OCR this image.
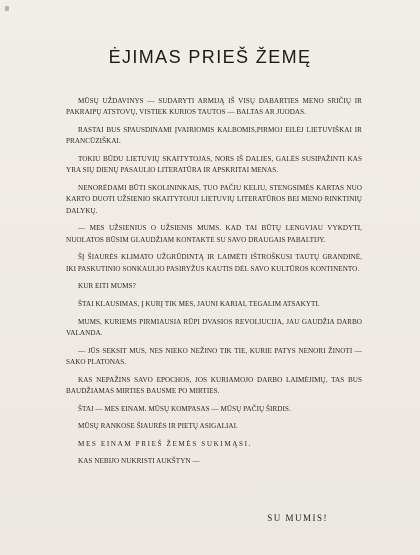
ĖJIMAS PRIEŠ ŽEMĘ

MŪSŲ UŽDAVINYS — SUDARYTI ARMIJĄ IŠ VISŲ DABARTIES MENO SRIČIŲ IR PAKRAIPŲ ATSTOVŲ, VISTIEK KURIOS TAUTOS — BALTAS AR JUODAS.

RASTAI BUS SPAUSDINAMI ĮVAIRIOMIS KALBOMIS,PIRMOJ EILĖJ LIETUVIŠKAI IR PRANCŪZIŠKAI.

TOKIU BŪDU LIETUVIŲ SKAITYTOJAS, NORS IŠ DALIES, GALĖS SUSIPAŽINTI KAS YRA SIŲ DIENŲ PASAULIO LITERATŪRA IR APSKRITAI MENAS.

NENORĖDAMI BŪTI SKOLININKAIS, TUO PAČIU KELIU, STENGSIMĖS KARTAS NUO KARTO DUOTI UŽSIENIO SKAITYTOJUI LIETUVIŲ LITERATŪROS BEI MENO RINKTINIŲ DALYKŲ.

— MES UŽSIENIUS O UŽSIENIS MUMS. KAD TAI BŪTŲ LENGVIAU VYKDYTI, NUOLATOS BŪSIM GLAUDŽIAM KONTAKTE SU SAVO DRAUGAIS PABALTIJY.

ŠĮ ŠIAURĖS KLIMATO UŽGRŪDINTĄ IR LAIMĖTI IŠTROŠKUSI TAUTŲ GRANDINĖ, IKI PASKUTINIO SONKAULIO PASIRYŽUS KAUTIS DĖL SAVO KULTŪROS KONTINENTO.

KUR EITI MUMS?

ŠTAI KLAUSIMAS, Į KURĮ TIK MES, JAUNI KARIAI, TEGALIM ATSAKYTI.

MUMS, KURIEMS PIRMIAUSIA RŪPI DVASIOS REVOLIUCIJA, JAU GAUDŽIA DARBO VALANDA.

— JŪS SEKSIT MUS, NES NIEKO NEŽINO TIK TIE, KURIE PATYS NENORI ŽINOTI — SAKO PLATONAS.

KAS NEPAŽINS SAVO EPOCHOS, JOS KURIAMOJO DARBO LAIMĖJIMŲ, TAS BUS BAUDŽIAMAS MIRTIES BAUSME PO MIRTIES.

ŠTAI — MES EINAM. MŪSŲ KOMPASAS — MŪSŲ PAČIŲ ŠIRDIS.

MŪSŲ RANKOSE ŠIAURĖS IR PIETŲ ASIGALIAI.

MES EINAM PRIEŠ ŽEMĖS SUKIMĄSI.

KAS NEBIJO NUKRISTI AUKŠTYN —

SU MUMIS!
